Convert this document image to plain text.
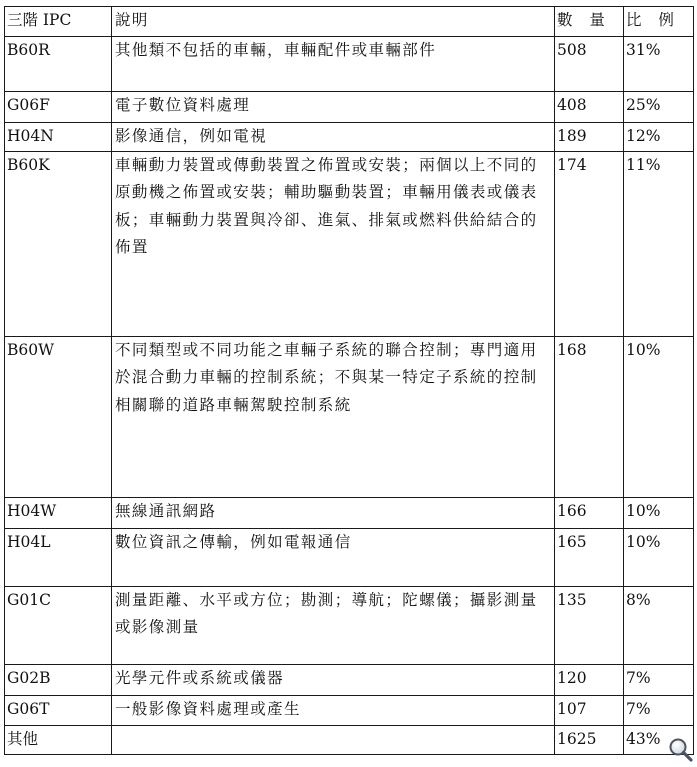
三階 IPC	說明	數 量	比 例
B60R	其他類不包括的車輛，車輛配件或車輛部件	508	31%
G06F	電子數位資料處理	408	25%
H04N	影像通信，例如電視	189	12%
B60K	車輛動力裝置或傳動裝置之佈置或安裝；兩個以上不同的原動機之佈置或安裝；輔助驅動裝置；車輛用儀表或儀表板；車輛動力裝置與冷卻、進氣、排氣或燃料供給結合的佈置	174	11%
B60W	不同類型或不同功能之車輛子系統的聯合控制；專門適用於混合動力車輛的控制系統；不與某一特定子系統的控制相關聯的道路車輛駕駛控制系統	168	10%
H04W	無線通訊網路	166	10%
H04L	數位資訊之傳輸，例如電報通信	165	10%
G01C	測量距離、水平或方位；勘測；導航；陀螺儀；攝影測量或影像測量	135	8%
G02B	光學元件或系統或儀器	120	7%
G06T	一般影像資料處理或產生	107	7%
其他		1625	43%
